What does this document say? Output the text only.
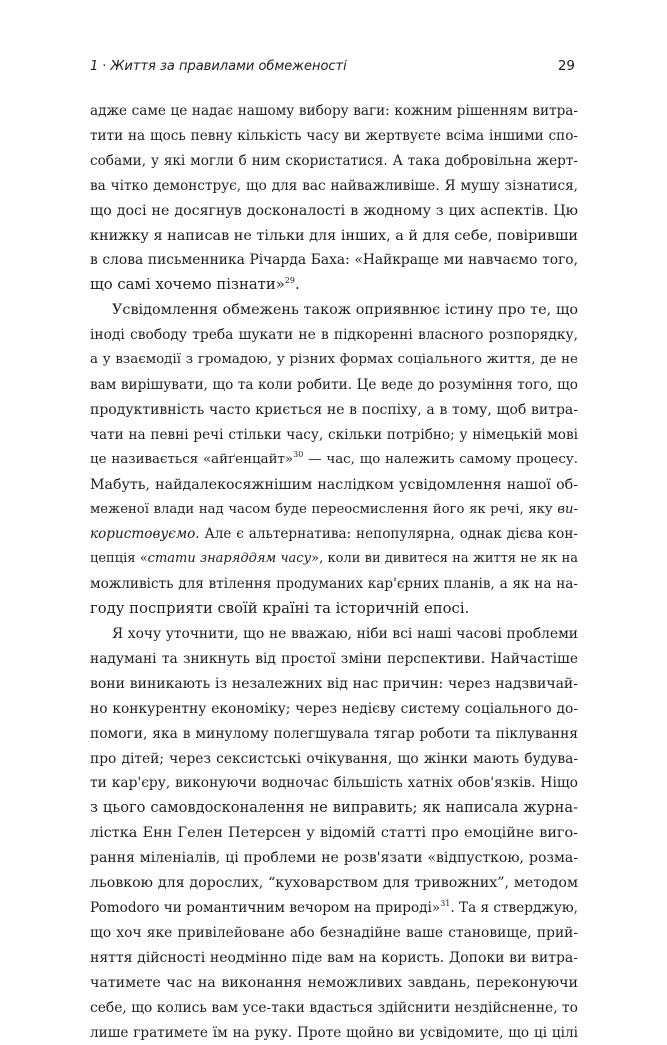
1 · Життя за правилами обмеженості	29
адже саме це надає нашому вибору ваги: кожним рішенням витра-
тити на щось певну кількість часу ви жертвуєте всіма іншими спо-
собами, у які могли б ним скористатися. А така добровільна жерт-
ва чітко демонструє, що для вас найважливіше. Я мушу зізнатися,
що досі не досягнув досконалості в жодному з цих аспектів. Цю
книжку я написав не тільки для інших, а й для себе, повіривши
в слова письменника Річарда Баха: «Найкраще ми навчаємо того,
що самі хочемо пізнати»$^{29}$.
Усвідомлення обмежень також оприявнює істину про те, що
іноді свободу треба шукати не в підкоренні власного розпорядку,
а у взаємодії з громадою, у різних формах соціального життя, де не
вам вирішувати, що та коли робити. Це веде до розуміння того, що
продуктивність часто криється не в поспіху, а в тому, щоб витра-
чати на певні речі стільки часу, скільки потрібно; у німецькій мові
це називається «айґенцайт»$^{30}$ — час, що належить самому процесу.
Мабуть, найдалекосяжнішим наслідком усвідомлення нашої об-
меженої влади над часом буде переосмислення його як речі, яку ви-
користовуємо. Але є альтернатива: непопулярна, однак дієва кон-
цепція «стати знаряддям часу», коли ви дивитеся на життя не як на
можливість для втілення продуманих кар'єрних планів, а як на на-
году посприяти своїй країні та історичній епосі.
Я хочу уточнити, що не вважаю, ніби всі наші часові проблеми
надумані та зникнуть від простої зміни перспективи. Найчастіше
вони виникають із незалежних від нас причин: через надзвичай-
но конкурентну економіку; через недієву систему соціального до-
помоги, яка в минулому полегшувала тягар роботи та піклування
про дітей; через сексистські очікування, що жінки мають будува-
ти кар'єру, виконуючи водночас більшість хатніх обов'язків. Ніщо
з цього самовдосконалення не виправить; як написала журна-
лістка Енн Гелен Петерсен у відомій статті про емоційне виго-
рання міленіалів, ці проблеми не розв'язати «відпусткою, розма-
льовкою для дорослих, “куховарством для тривожних”, методом
Pomodoro чи романтичним вечором на природі»$^{31}$. Та я стверджую,
що хоч яке привілейоване або безнадійне ваше становище, прий-
няття дійсності неодмінно піде вам на користь. Допоки ви витра-
чатимете час на виконання неможливих завдань, переконуючи
себе, що колись вам усе-таки вдасться здійснити нездійсненне, то
лише гратимете їм на руку. Проте щойно ви усвідомите, що ці цілі
